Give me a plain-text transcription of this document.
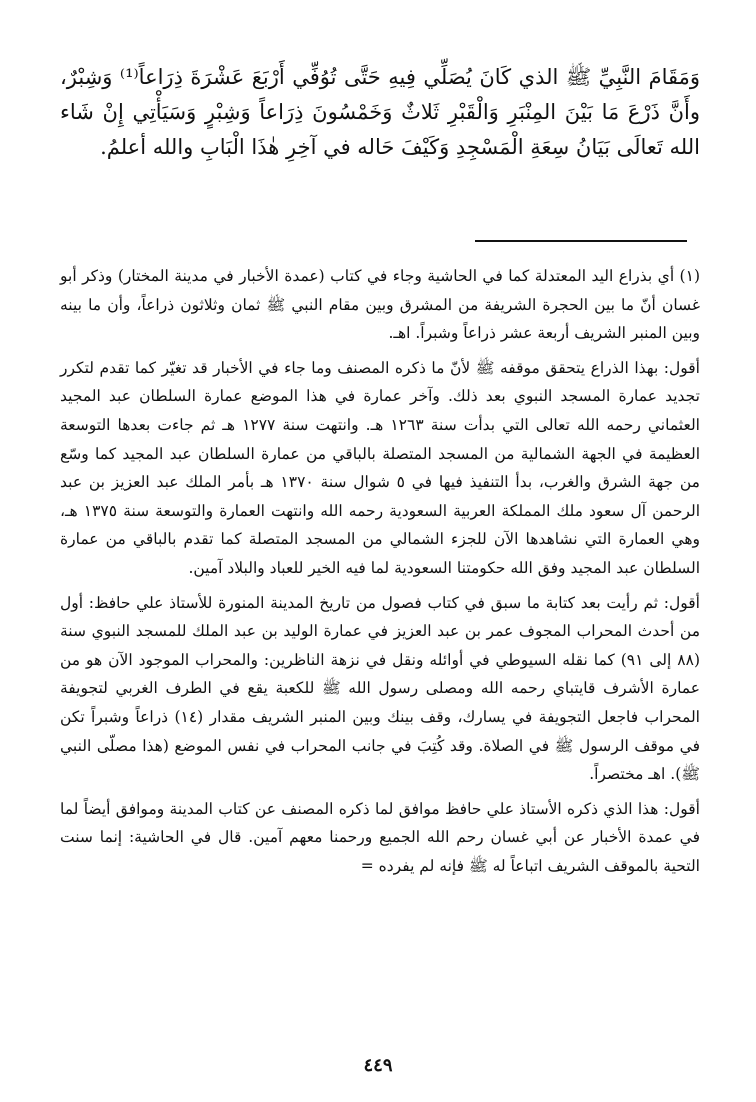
وَمَقَامَ النَّبِيِّ ﷺ الذي كَانَ يُصَلِّي فِيهِ حَتَّى تُوُفِّي أَرْبَعَ عَشْرَةَ ذِرَاعاً⁽¹⁾ وَشِبْرٌ، وأَنَّ ذَرْعَ مَا بَيْنَ المِنْبَرِ وَالْقَبْرِ ثَلاثٌ وَخَمْسُونَ ذِرَاعاً وَشِبْرٍ وَسَيَأْتِي إِنْ شَاء الله تَعالَى بَيَانُ سِعَةِ الْمَسْجِدِ وَكَيْفَ حَاله في آخِرِ هٰذَا الْبَابِ والله أعلمُ.

(١) أي بذراع اليد المعتدلة كما في الحاشية وجاء في كتاب (عمدة الأخبار في مدينة المختار) وذكر أبو غسان أنّ ما بين الحجرة الشريفة من المشرق وبين مقام النبي ﷺ ثمان وثلاثون ذراعاً، وأن ما بينه وبين المنبر الشريف أربعة عشر ذراعاً وشبراً. اهـ.

أقول: بهذا الذراع يتحقق موقفه ﷺ لأنّ ما ذكره المصنف وما جاء في الأخبار قد تغيّر كما تقدم لتكرر تجديد عمارة المسجد النبوي بعد ذلك. وآخر عمارة في هذا الموضع عمارة السلطان عبد المجيد العثماني رحمه الله تعالى التي بدأت سنة ١٢٦٣ هـ. وانتهت سنة ١٢٧٧ هـ ثم جاءت بعدها التوسعة العظيمة في الجهة الشمالية من المسجد المتصلة بالباقي من عمارة السلطان عبد المجيد كما وسّع من جهة الشرق والغرب، بدأ التنفيذ فيها في ٥ شوال سنة ١٣٧٠ هـ بأمر الملك عبد العزيز بن عبد الرحمن آل سعود ملك المملكة العربية السعودية رحمه الله وانتهت العمارة والتوسعة سنة ١٣٧٥ هـ، وهي العمارة التي نشاهدها الآن للجزء الشمالي من المسجد المتصلة كما تقدم بالباقي من عمارة السلطان عبد المجيد وفق الله حكومتنا السعودية لما فيه الخير للعباد والبلاد آمين.

أقول: ثم رأيت بعد كتابة ما سبق في كتاب فصول من تاريخ المدينة المنورة للأستاذ علي حافظ: أول من أحدث المحراب المجوف عمر بن عبد العزيز في عمارة الوليد بن عبد الملك للمسجد النبوي سنة (٨٨ إلى ٩١) كما نقله السيوطي في أوائله ونقل في نزهة الناظرين: والمحراب الموجود الآن هو من عمارة الأشرف قايتباي رحمه الله ومصلى رسول الله ﷺ للكعبة يقع في الطرف الغربي لتجويفة المحراب فاجعل التجويفة في يسارك، وقف بينك وبين المنبر الشريف مقدار (١٤) ذراعاً وشبراً تكن في موقف الرسول ﷺ في الصلاة. وقد كُتِبَ في جانب المحراب في نفس الموضع (هذا مصلّى النبي ﷺ). اهـ مختصراً.

أقول: هذا الذي ذكره الأستاذ علي حافظ موافق لما ذكره المصنف عن كتاب المدينة وموافق أيضاً لما في عمدة الأخبار عن أبي غسان رحم الله الجميع ورحمنا معهم آمين. قال في الحاشية: إنما سنت التحية بالموقف الشريف اتباعاً له ﷺ فإنه لم يفرده =

٤٤٩
